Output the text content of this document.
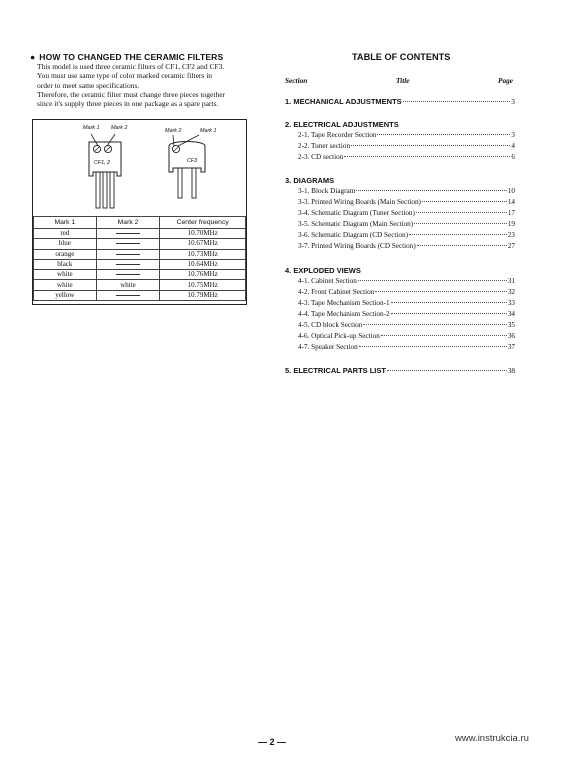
● HOW TO CHANGED THE CERAMIC FILTERS
This model is used three ceramic filters of CF1, CF2 and CF3.
You must use same type of color marked ceramic filters in
order to meet same specifications.
Therefore, the ceramic filter must change three pieces together
since it's supply three pieces in one package as a spare parts.
Mark 1 Mark 2
CF1, 2
Mark 2	Mark 1
CF3
Mark 1	Mark 2	Center frequency
red		10.70MHz
blue		10.67MHz
orange		10.73MHz
black		10.64MHz
white		10.76MHz
white	white	10.75MHz
yellow		10.79MHz
TABLE OF CONTENTS
Section	Title	Page
1. MECHANICAL ADJUSTMENTS	3
2. ELECTRICAL ADJUSTMENTS
2-1. Tape Recorder Section	3
2-2. Tuner section	4
2-3. CD section	6
3. DIAGRAMS
3-1. Block Diagram	10
3-3. Printed Wiring Boards (Main Section)	14
3-4. Schematic Diagram (Tuner Section)	17
3-5. Schematic Diagram (Main Section)	19
3-6. Schematic Diagram (CD Section)	23
3-7. Printed Wiring Boards (CD Section)	27
4. EXPLODED VIEWS
4-1. Cabinet Section	31
4-2. Front Cabinet Section	32
4-3. Tape Mechanism Section-1	33
4-4. Tape Mechanism Section-2	34
4-5. CD block Section	35
4-6. Optical Pick-up Section	36
4-7. Speaker Section	37
5. ELECTRICAL PARTS LIST	38
— 2 —	www.instrukcia.ru
